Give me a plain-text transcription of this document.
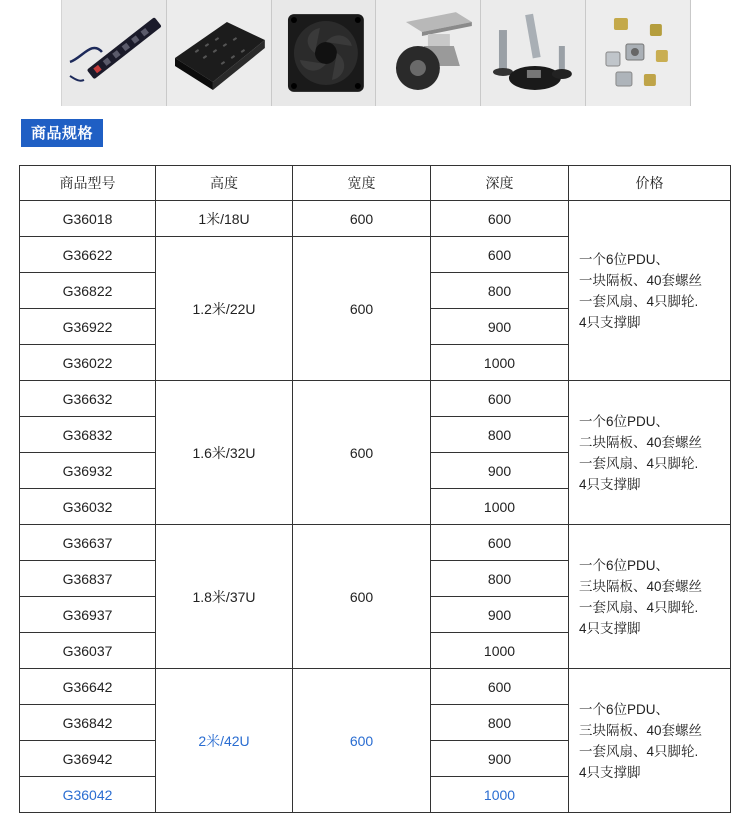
商品规格
商品型号	高度	宽度	深度	价格
G36018	1米/18U	600	600	一个6位PDU、
一块隔板、40套螺丝
一套风扇、4只脚轮.
4只支撑脚

G36622	1.2米/22U	600	600	
G36822			800	
G36922			900	
G36022			1000	
G36632	1.6米/32U	600	600	一个6位PDU、
二块隔板、40套螺丝
一套风扇、4只脚轮.
4只支撑脚

G36832			800	
G36932			900	
G36032			1000	
G36637	1.8米/37U	600	600	一个6位PDU、
三块隔板、40套螺丝
一套风扇、4只脚轮.
4只支撑脚

G36837			800	
G36937			900	
G36037			1000	
G36642	2米/42U	600	600	一个6位PDU、
三块隔板、40套螺丝
一套风扇、4只脚轮.
4只支撑脚

G36842			800	
G36942			900	
G36042			1000	
